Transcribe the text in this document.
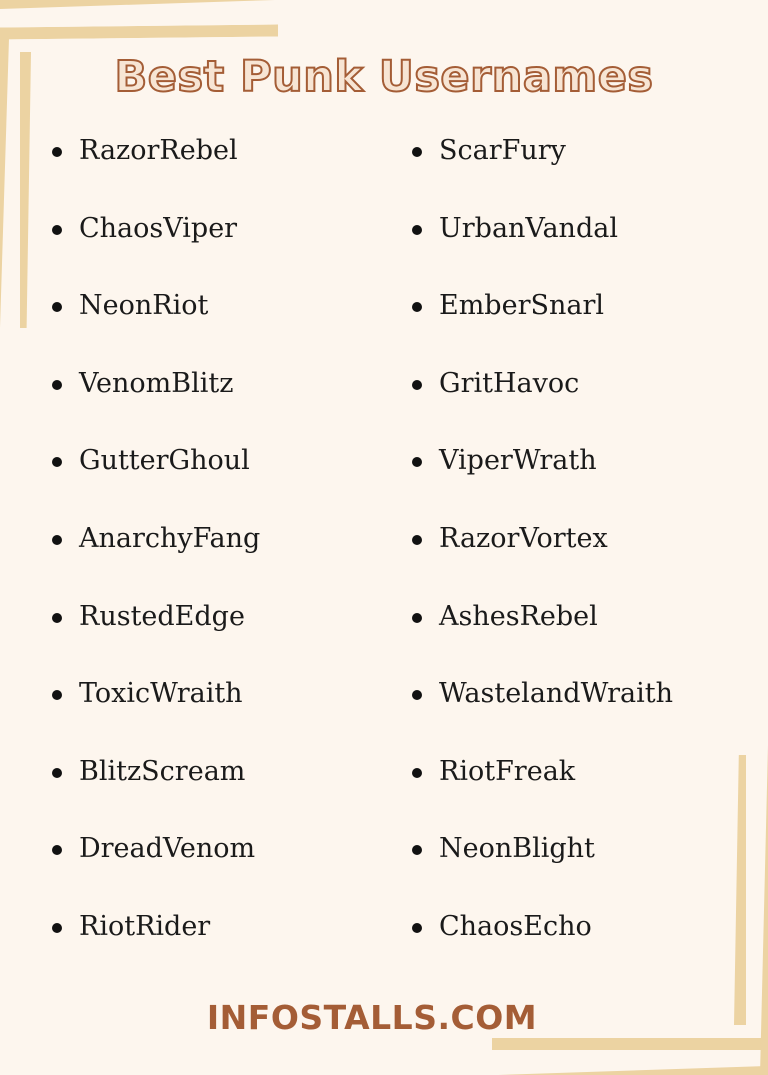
Best Punk Usernames
RazorRebel
ChaosViper
NeonRiot
VenomBlitz
GutterGhoul
AnarchyFang
RustedEdge
ToxicWraith
BlitzScream
DreadVenom
RiotRider
ScarFury
UrbanVandal
EmberSnarl
GritHavoc
ViperWrath
RazorVortex
AshesRebel
WastelandWraith
RiotFreak
NeonBlight
ChaosEcho

INFOSTALLS.COM
